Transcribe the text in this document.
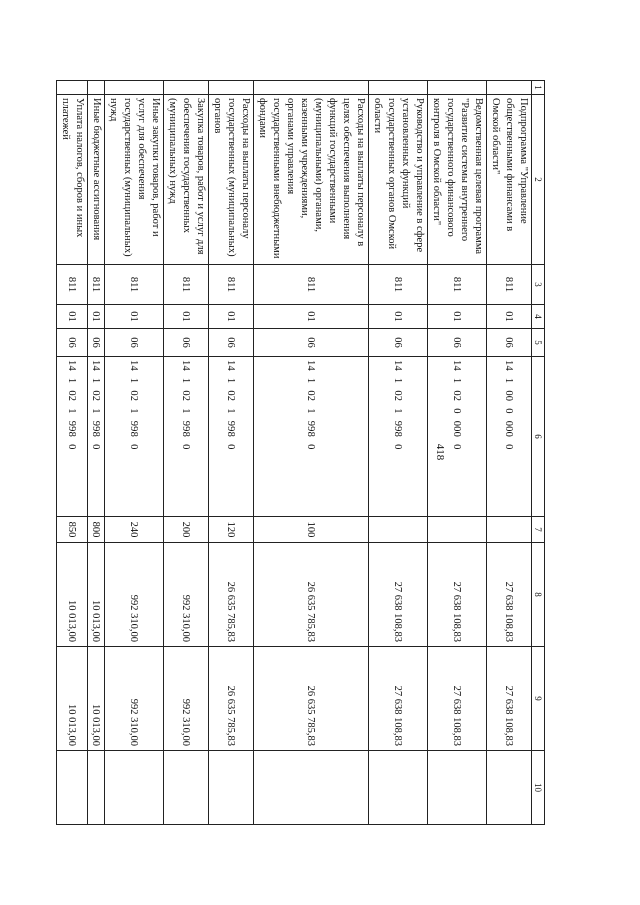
418
1	2	3	4	5	6	7	8	9	10
	Подпрограмма "Управление общественными финансами в Омской области"	811	01	06	1410000000		27 638 108,83	27 638 108,83	
	Ведомственная целевая программа "Развитие системы внутреннего государственного финансового контроля в Омской области"	811	01	06	1410200000		27 638 108,83	27 638 108,83	
	Руководство и управление в сфере установленных функций государственных органов Омской области	811	01	06	1410219980		27 638 108,83	27 638 108,83	
	Расходы на выплаты персоналу в целях обеспечения выполнения функций государственными (муниципальными) органами, казенными учреждениями, органами управления государственными внебюджетными фондами	811	01	06	1410219980	100	26 635 785,83	26 635 785,83	
	Расходы на выплаты персоналу государственных (муниципальных) органов	811	01	06	1410219980	120	26 635 785,83	26 635 785,83	
	Закупка товаров, работ и услуг для обеспечения государственных (муниципальных) нужд	811	01	06	1410219980	200	992 310,00	992 310,00	
	Иные закупки товаров, работ и услуг для обеспечения государственных (муниципальных) нужд	811	01	06	1410219980	240	992 310,00	992 310,00	
	Иные бюджетные ассигнования	811	01	06	1410219980	800	10 013,00	10 013,00	
	Уплата налогов, сборов и иных платежей	811	01	06	1410219980	850	10 013,00	10 013,00	
